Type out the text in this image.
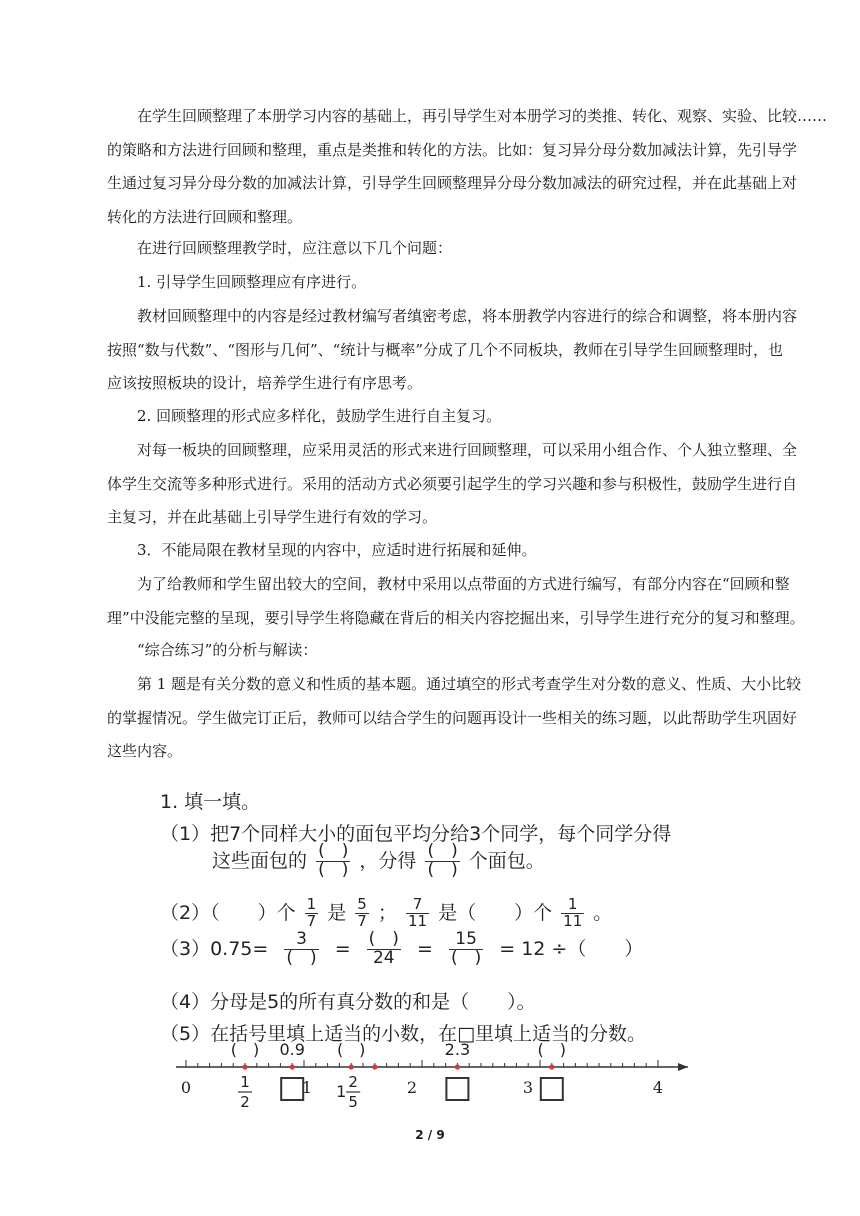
　　在学生回顾整理了本册学习内容的基础上，再引导学生对本册学习的类推、转化、观察、实验、比较……
的策略和方法进行回顾和整理，重点是类推和转化的方法。比如：复习异分母分数加减法计算，先引导学
生通过复习异分母分数的加减法计算，引导学生回顾整理异分母分数加减法的研究过程，并在此基础上对
转化的方法进行回顾和整理。
　　在进行回顾整理教学时，应注意以下几个问题：
　　1. 引导学生回顾整理应有序进行。
　　教材回顾整理中的内容是经过教材编写者缜密考虑，将本册教学内容进行的综合和调整，将本册内容
按照“数与代数”、“图形与几何”、“统计与概率”分成了几个不同板块，教师在引导学生回顾整理时，也
应该按照板块的设计，培养学生进行有序思考。
　　2. 回顾整理的形式应多样化，鼓励学生进行自主复习。
　　对每一板块的回顾整理，应采用灵活的形式来进行回顾整理，可以采用小组合作、个人独立整理、全
体学生交流等多种形式进行。采用的活动方式必须要引起学生的学习兴趣和参与积极性，鼓励学生进行自
主复习，并在此基础上引导学生进行有效的学习。
　　3．不能局限在教材呈现的内容中，应适时进行拓展和延伸。
　　为了给教师和学生留出较大的空间，教材中采用以点带面的方式进行编写，有部分内容在“回顾和整
理”中没能完整的呈现，要引导学生将隐藏在背后的相关内容挖掘出来，引导学生进行充分的复习和整理。
　　“综合练习”的分析与解读：
　　第 1 题是有关分数的意义和性质的基本题。通过填空的形式考查学生对分数的意义、性质、大小比较
的掌握情况。学生做完订正后，教师可以结合学生的问题再设计一些相关的练习题，以此帮助学生巩固好
这些内容。
1. 填一填。
（1）把7个同样大小的面包平均分给3个同学，每个同学分得
这些面包的 $\frac{( )}{( )}$ ，分得 $\frac{( )}{( )}$ 个面包。
（2）（　　）个 $\frac{1}{7}$ 是 $\frac{5}{7}$ ； $\frac{7}{11}$ 是（　　）个 $\frac{1}{11}$ 。
$(3)0.75= \frac{3}{( )} = \frac{( )}{24} = \frac{15}{( )} = 12$ ÷（　　）
（4）分母是5的所有真分数的和是（　　）。
（5）在括号里填上适当的小数，在□里填上适当的分数。
(　) 0.9 (　)	2.3	(　)
0	1	2	3	4
1
2
1 2
5
2 / 9
